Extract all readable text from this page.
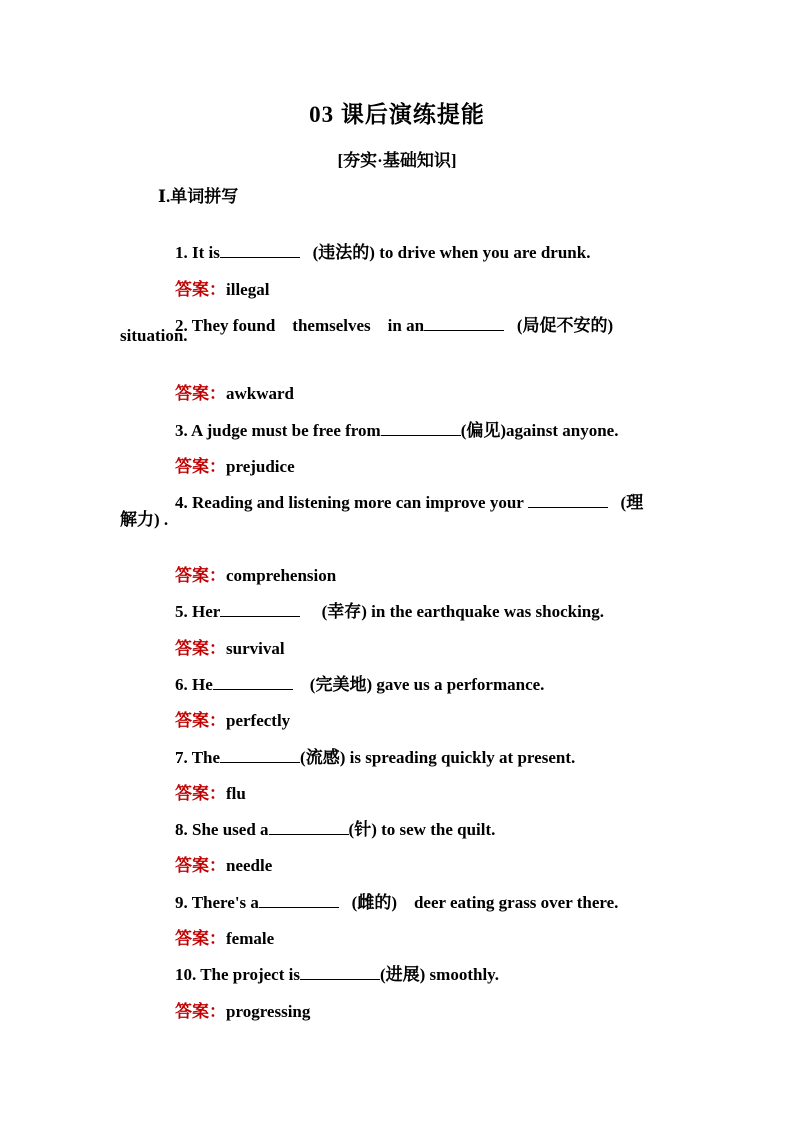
03 课后演练提能
[夯实·基础知识]
Ⅰ.单词拼写

1. It is	(违法的) to drive when you are drunk.

答案：illegal

2. They found    themselves    in an	(局促不安的)

situation.

答案：awkward

3. A judge must be free from	(偏见)against anyone.

答案：prejudice

4. Reading and listening more can improve your	(理

解力) .

答案：comprehension

5. Her	(幸存) in the earthquake was shocking.

答案：survival

6. He	(完美地) gave us a performance.

答案：perfectly

7. The	(流感) is spreading quickly at present.

答案：flu

8. She used a	(针) to sew the quilt.

答案：needle

9. There's a	(雌的)    deer eating grass over there.

答案：female

10. The project is	(进展) smoothly.

答案：progressing
